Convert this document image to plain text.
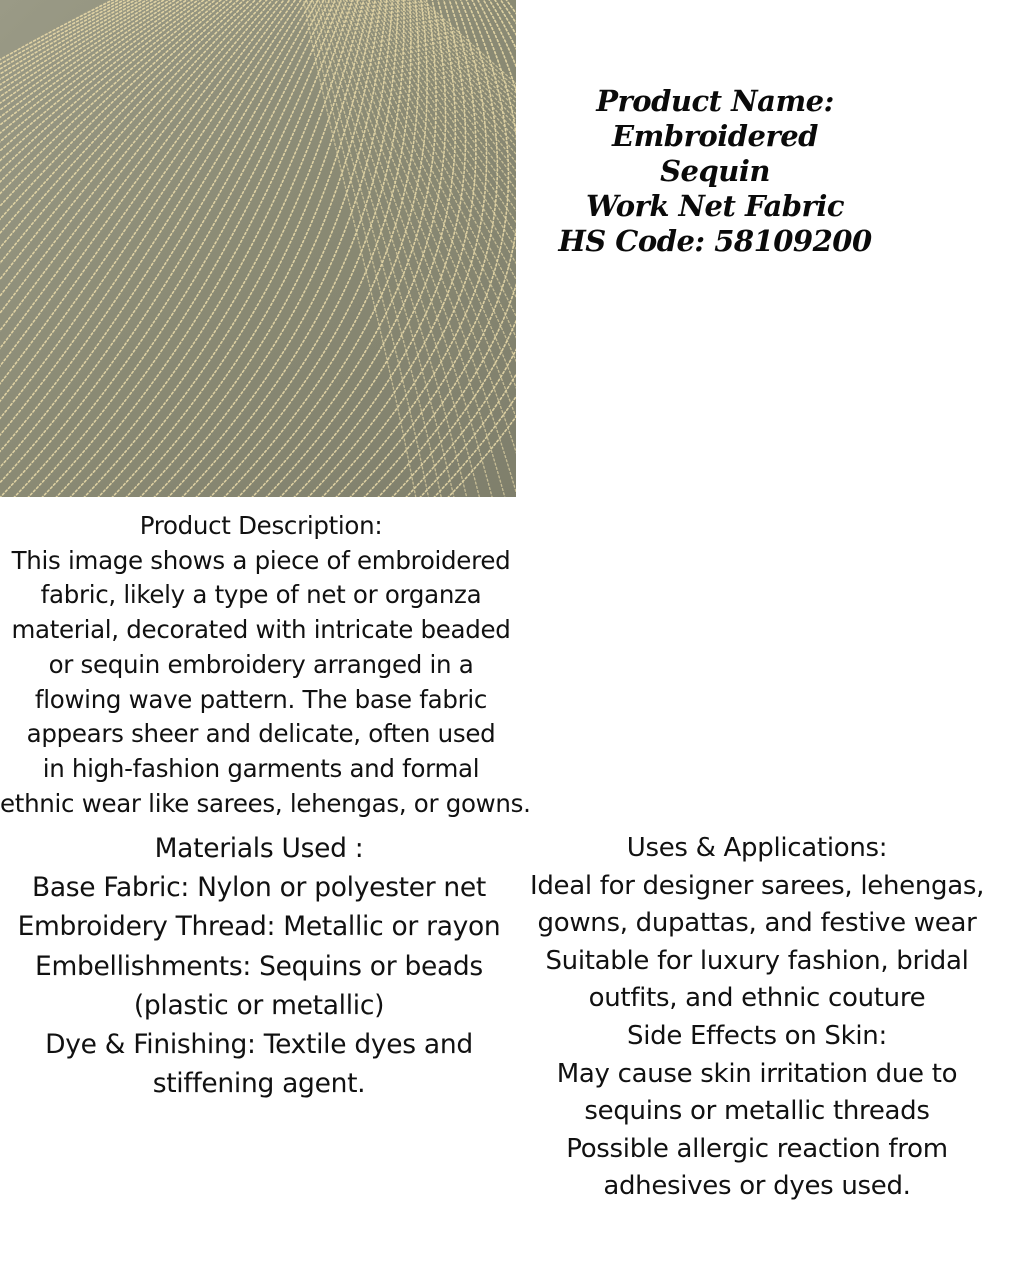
Product Name: Embroidered
Sequin
Work Net Fabric
HS Code: 58109200
Product Description:
This image shows a piece of embroidered
fabric, likely a type of net or organza
material, decorated with intricate beaded
or sequin embroidery arranged in a
flowing wave pattern. The base fabric
appears sheer and delicate, often used
in high-fashion garments and formal
ethnic wear like sarees, lehengas, or gowns.
Materials Used :
Base Fabric: Nylon or polyester net
Embroidery Thread: Metallic or rayon
Embellishments: Sequins or beads
(plastic or metallic)
Dye & Finishing: Textile dyes and
stiffening agent.
Uses & Applications:
Ideal for designer sarees, lehengas,
gowns, dupattas, and festive wear
Suitable for luxury fashion, bridal
outfits, and ethnic couture
Side Effects on Skin:
May cause skin irritation due to
sequins or metallic threads
Possible allergic reaction from
adhesives or dyes used.
